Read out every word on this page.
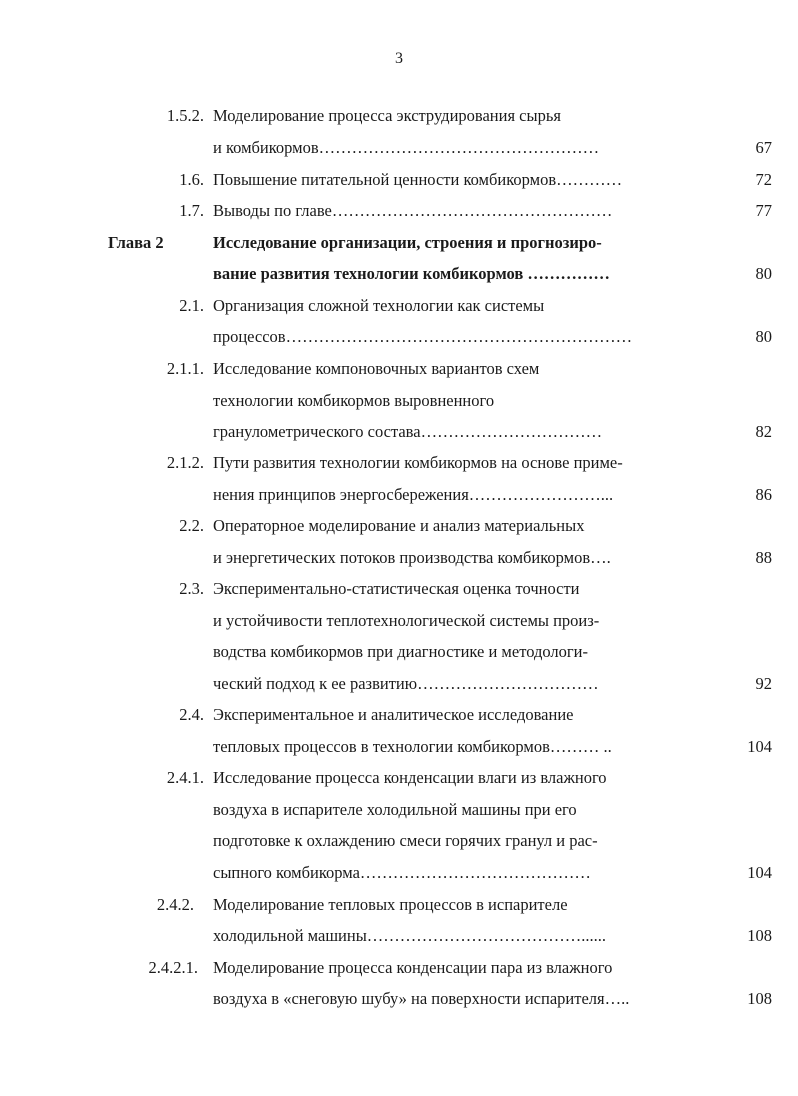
3
1.5.2. Моделирование процесса экструдирования сырья
и комбикормов……………………………………………	67
1.6. Повышение питательной ценности комбикормов…………	72
1.7. Выводы по главе……………………………………………	77
Глава 2	Исследование организации, строения и прогнозиро-
вание развития технологии комбикормов ……………	80
2.1. Организация сложной технологии как системы
процессов………………………………………………………	80
2.1.1. Исследование компоновочных вариантов схем
технологии комбикормов выровненного
гранулометрического состава……………………………	82
2.1.2. Пути развития технологии комбикормов на основе приме-
нения принципов энергосбережения……………………...	86
2.2. Операторное моделирование и анализ материальных
и энергетических потоков производства комбикормов….	88
2.3. Экспериментально-статистическая оценка точности
и устойчивости теплотехнологической системы произ-
водства комбикормов при диагностике и методологи-
ческий подход к ее развитию……………………………	92
2.4. Экспериментальное и аналитическое исследование
тепловых процессов в технологии комбикормов……… ..	104
2.4.1. Исследование процесса конденсации влаги из влажного
воздуха в испарителе холодильной машины при его
подготовке к охлаждению смеси горячих гранул и рас-
сыпного комбикорма……………………………………	104
2.4.2. Моделирование тепловых процессов в испарителе
холодильной машины…………………………………......	108
2.4.2.1. Моделирование процесса конденсации пара из влажного
воздуха в «снеговую шубу» на поверхности испарителя…..	108
